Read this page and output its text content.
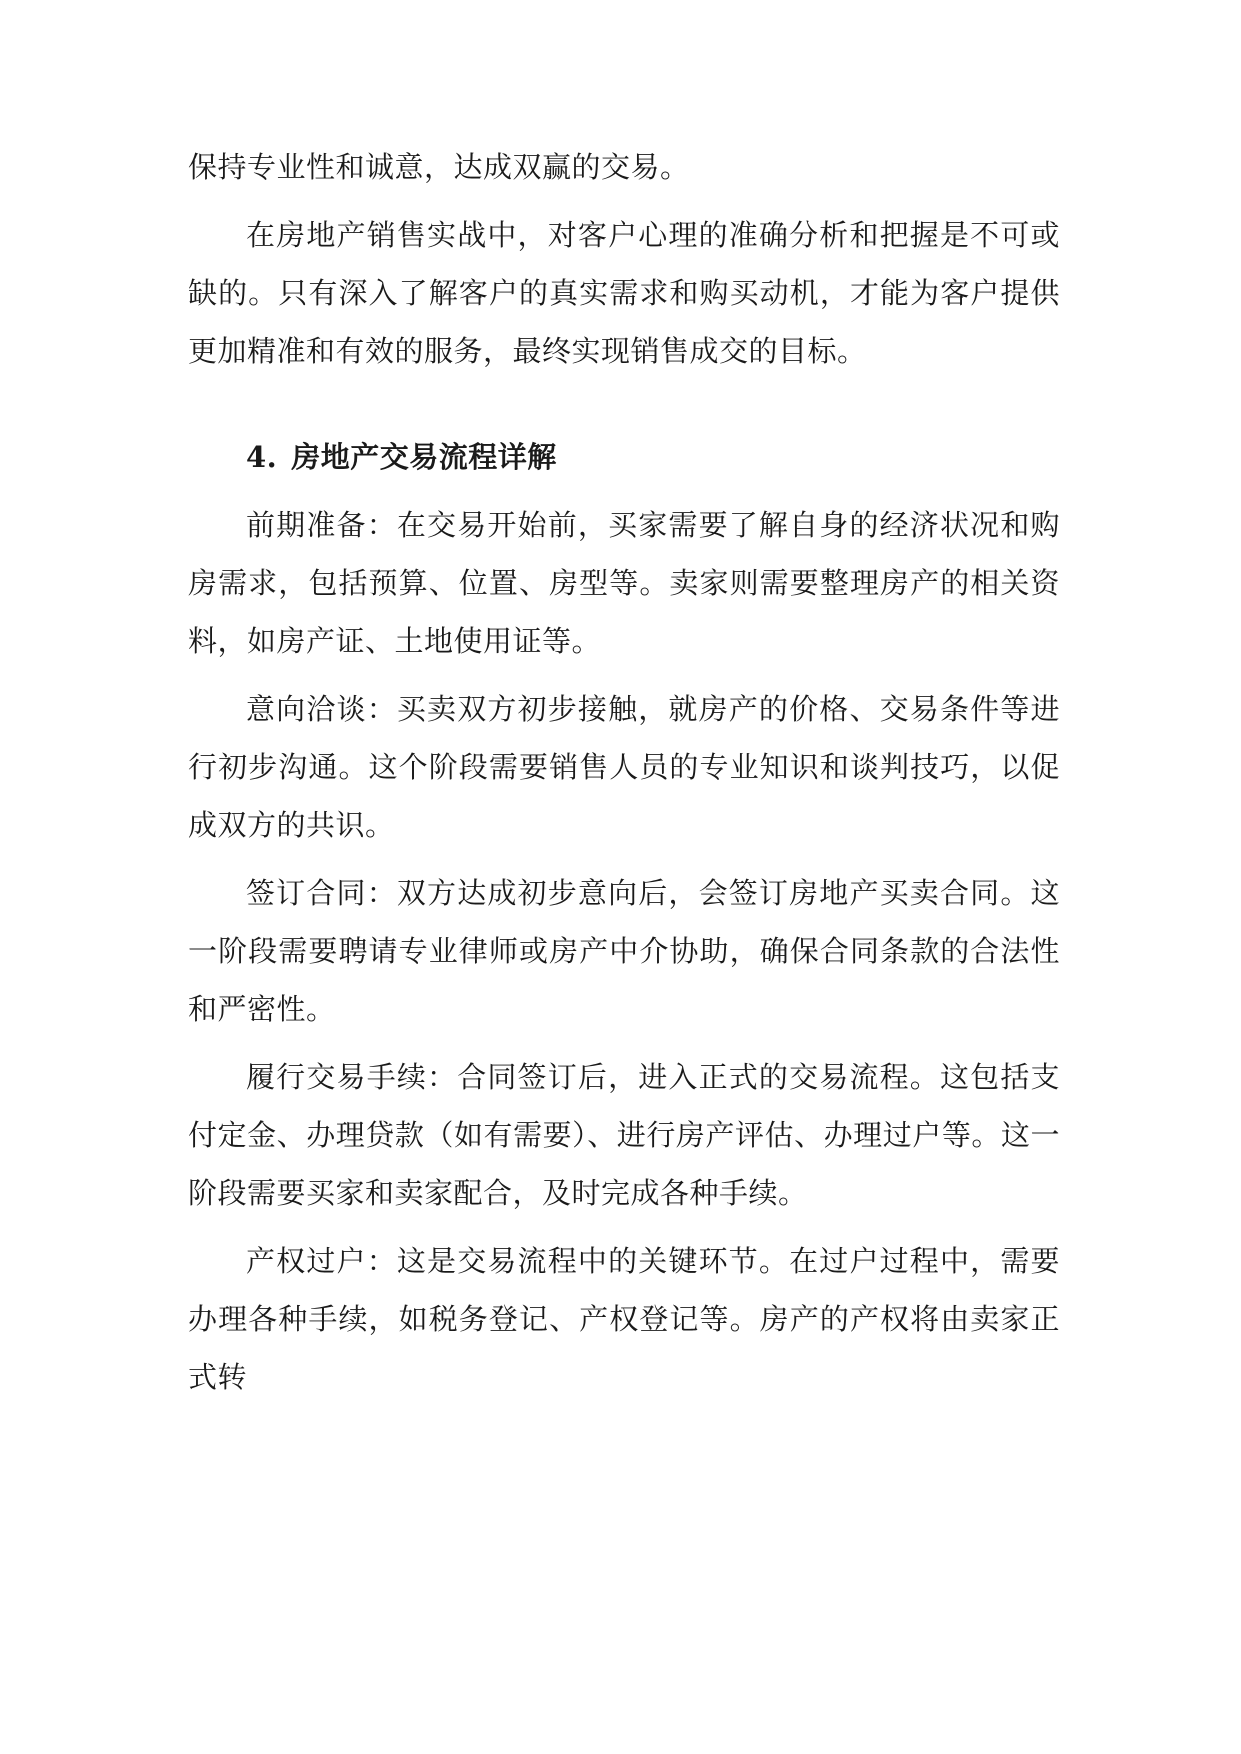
保持专业性和诚意，达成双赢的交易。

在房地产销售实战中，对客户心理的准确分析和把握是不可或缺的。只有深入了解客户的真实需求和购买动机，才能为客户提供更加精准和有效的服务，最终实现销售成交的目标。

4. 房地产交易流程详解

前期准备：在交易开始前，买家需要了解自身的经济状况和购房需求，包括预算、位置、房型等。卖家则需要整理房产的相关资料，如房产证、土地使用证等。

意向洽谈：买卖双方初步接触，就房产的价格、交易条件等进行初步沟通。这个阶段需要销售人员的专业知识和谈判技巧，以促成双方的共识。

签订合同：双方达成初步意向后，会签订房地产买卖合同。这一阶段需要聘请专业律师或房产中介协助，确保合同条款的合法性和严密性。

履行交易手续：合同签订后，进入正式的交易流程。这包括支付定金、办理贷款（如有需要）、进行房产评估、办理过户等。这一阶段需要买家和卖家配合，及时完成各种手续。

产权过户：这是交易流程中的关键环节。在过户过程中，需要办理各种手续，如税务登记、产权登记等。房产的产权将由卖家正式转
